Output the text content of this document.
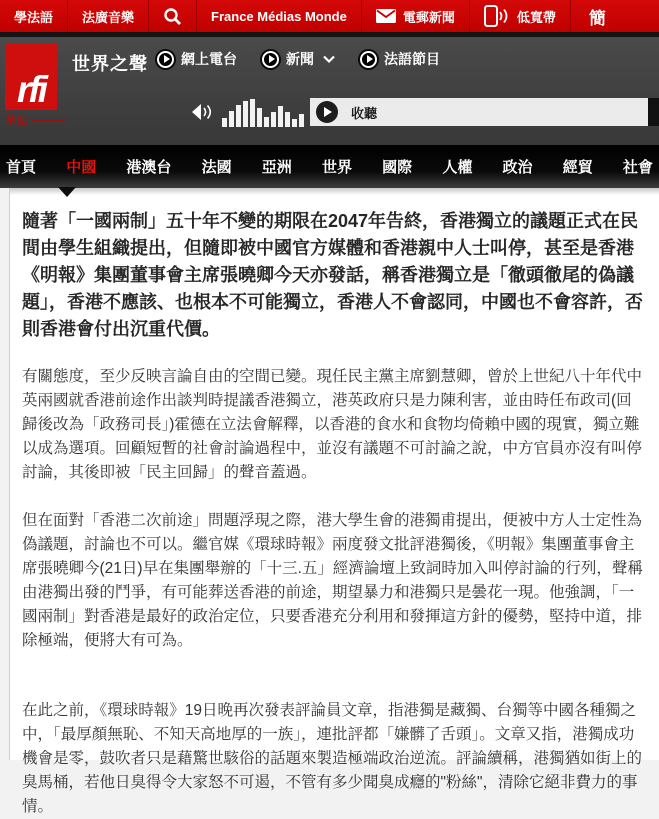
學法語 法廣音樂	France Médias Monde	電郵新聞	低寬帶 簡
rfi
華語
世界之聲 網上電台	新聞	法語節目
收聽
首頁 中國 港澳台 法國 亞洲 世界 國際 人權 政治 經貿 社會

隨著「一國兩制」五十年不變的期限在2047年告終，香港獨立的議題正式在民間由學生組織提出，但隨即被中國官方媒體和香港親中人士叫停，甚至是香港《明報》集團董事會主席張曉卿今天亦發話，稱香港獨立是「徹頭徹尾的偽議題」，香港不應該、也根本不可能獨立，香港人不會認同，中國也不會容許，否則香港會付出沉重代價。

有關態度，至少反映言論自由的空間已變。現任民主黨主席劉慧卿，曾於上世紀八十年代中英兩國就香港前途作出談判時提議香港獨立，港英政府只是力陳利害，並由時任布政司(回歸後改為「政務司長」)霍德在立法會解釋，以香港的食水和食物均倚賴中國的現實，獨立難以成為選項。回顧短暫的社會討論過程中，並沒有議題不可討論之說，中方官員亦沒有叫停討論，其後即被「民主回歸」的聲音蓋過。

但在面對「香港二次前途」問題浮現之際，港大學生會的港獨甫提出，便被中方人士定性為偽議題，討論也不可以。繼官媒《環球時報》兩度發文批評港獨後，《明報》集團董事會主席張曉卿今(21日)早在集團舉辦的「十三.五」經濟論壇上致詞時加入叫停討論的行列，聲稱由港獨出發的鬥爭，有可能葬送香港的前途，期望暴力和港獨只是曇花一現。他強調，「一國兩制」對香港是最好的政治定位，只要香港充分利用和發揮這方針的優勢，堅持中道，排除極端，便將大有可為。

在此之前，《環球時報》19日晚再次發表評論員文章，指港獨是藏獨、台獨等中國各種獨之中，「最厚顏無恥、不知天高地厚的一族」，連批評都「嫌髒了舌頭」。文章又指，港獨成功機會是零，鼓吹者只是藉驚世駭俗的話題來製造極端政治逆流。評論續稱，港獨猶如街上的臭馬桶，若他日臭得令大家怒不可遏，不管有多少聞臭成癮的"粉絲"，清除它絕非費力的事情。
